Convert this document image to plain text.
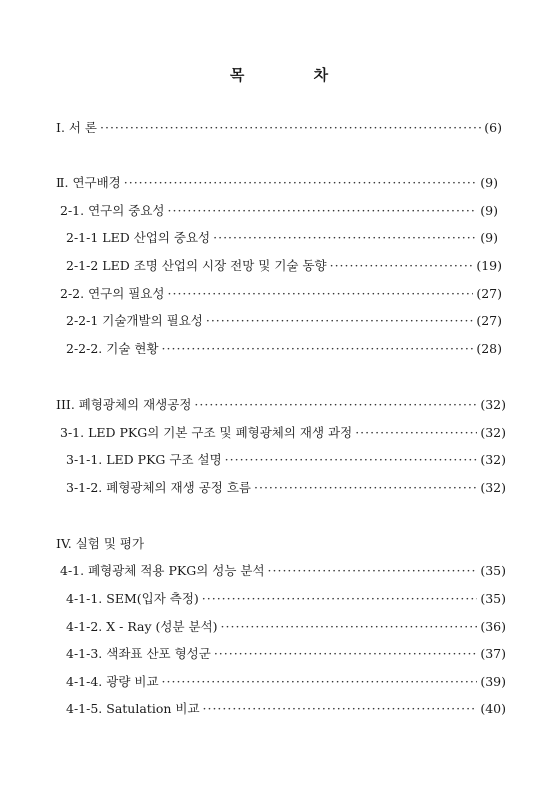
목 차
Ⅰ. 서 론 ·····	(6)
Ⅱ. 연구배경 ·····	(9)
2-1. 연구의 중요성 ·····	(9)
2-1-1 LED 산업의 중요성 ·····	(9)
2-1-2 LED 조명 산업의 시장 전망 및 기술 동향 ·····	(19)
2-2. 연구의 필요성 ·····	(27)
2-2-1 기술개발의 필요성 ·····	(27)
2-2-2. 기술 현황 ·····	(28)
III. 폐형광체의 재생공정 ·····	(32)
3-1. LED PKG의 기본 구조 및 폐형광체의 재생 과정 ·····	(32)
3-1-1. LED PKG 구조 설명 ·····	(32)
3-1-2. 폐형광체의 재생 공정 흐름 ·····	(32)
IV. 실험 및 평가
4-1. 폐형광체 적용 PKG의 성능 분석 ·····	(35)
4-1-1. SEM(입자 측정) ·····	(35)
4-1-2. X - Ray (성분 분석) ·····	(36)
4-1-3. 색좌표 산포 형성군 ·····	(37)
4-1-4. 광량 비교 ·····	(39)
4-1-5. Satulation 비교 ·····	(40)
